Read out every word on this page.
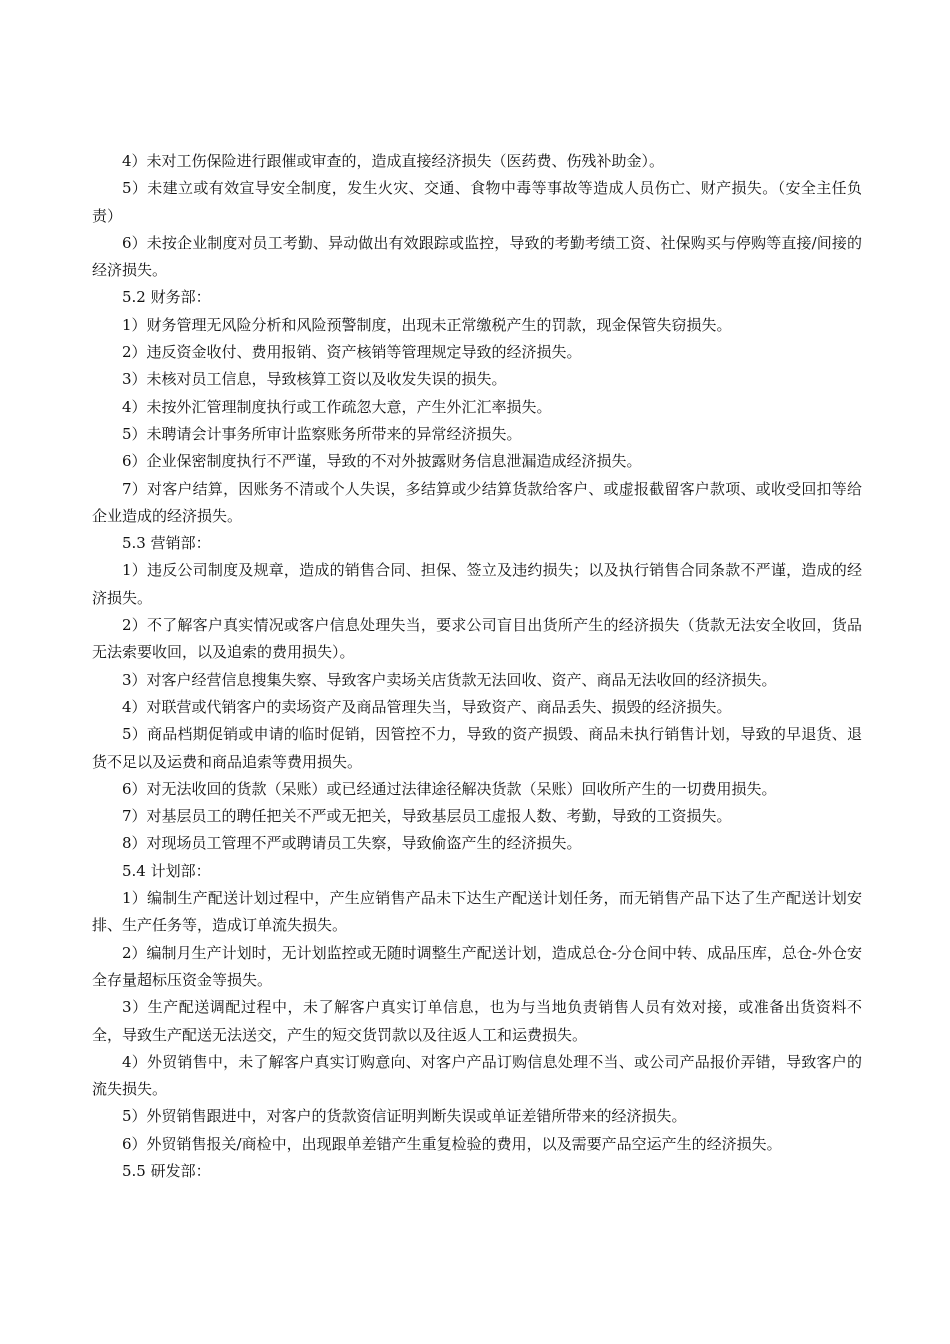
4）未对工伤保险进行跟催或审查的，造成直接经济损失（医药费、伤残补助金）。

5）未建立或有效宣导安全制度，发生火灾、交通、食物中毒等事故等造成人员伤亡、财产损失。（安全主任负责）

6）未按企业制度对员工考勤、异动做出有效跟踪或监控，导致的考勤考绩工资、社保购买与停购等直接/间接的经济损失。

5.2 财务部：

1）财务管理无风险分析和风险预警制度，出现未正常缴税产生的罚款，现金保管失窃损失。

2）违反资金收付、费用报销、资产核销等管理规定导致的经济损失。

3）未核对员工信息，导致核算工资以及收发失误的损失。

4）未按外汇管理制度执行或工作疏忽大意，产生外汇汇率损失。

5）未聘请会计事务所审计监察账务所带来的异常经济损失。

6）企业保密制度执行不严谨，导致的不对外披露财务信息泄漏造成经济损失。

7）对客户结算，因账务不清或个人失误，多结算或少结算货款给客户、或虚报截留客户款项、或收受回扣等给企业造成的经济损失。

5.3 营销部：

1）违反公司制度及规章，造成的销售合同、担保、签立及违约损失；以及执行销售合同条款不严谨，造成的经济损失。

2）不了解客户真实情况或客户信息处理失当，要求公司盲目出货所产生的经济损失（货款无法安全收回，货品无法索要收回，以及追索的费用损失）。

3）对客户经营信息搜集失察、导致客户卖场关店货款无法回收、资产、商品无法收回的经济损失。

4）对联营或代销客户的卖场资产及商品管理失当，导致资产、商品丢失、损毁的经济损失。

5）商品档期促销或申请的临时促销，因管控不力，导致的资产损毁、商品未执行销售计划，导致的早退货、退货不足以及运费和商品追索等费用损失。

6）对无法收回的货款（呆账）或已经通过法律途径解决货款（呆账）回收所产生的一切费用损失。

7）对基层员工的聘任把关不严或无把关，导致基层员工虚报人数、考勤，导致的工资损失。

8）对现场员工管理不严或聘请员工失察，导致偷盗产生的经济损失。

5.4 计划部：

1）编制生产配送计划过程中，产生应销售产品未下达生产配送计划任务，而无销售产品下达了生产配送计划安排、生产任务等，造成订单流失损失。

2）编制月生产计划时，无计划监控或无随时调整生产配送计划，造成总仓-分仓间中转、成品压库，总仓-外仓安全存量超标压资金等损失。

3）生产配送调配过程中，未了解客户真实订单信息，也为与当地负责销售人员有效对接，或准备出货资料不全，导致生产配送无法送交，产生的短交货罚款以及往返人工和运费损失。

4）外贸销售中，未了解客户真实订购意向、对客户产品订购信息处理不当、或公司产品报价弄错，导致客户的流失损失。

5）外贸销售跟进中，对客户的货款资信证明判断失误或单证差错所带来的经济损失。

6）外贸销售报关/商检中，出现跟单差错产生重复检验的费用，以及需要产品空运产生的经济损失。

5.5 研发部：
